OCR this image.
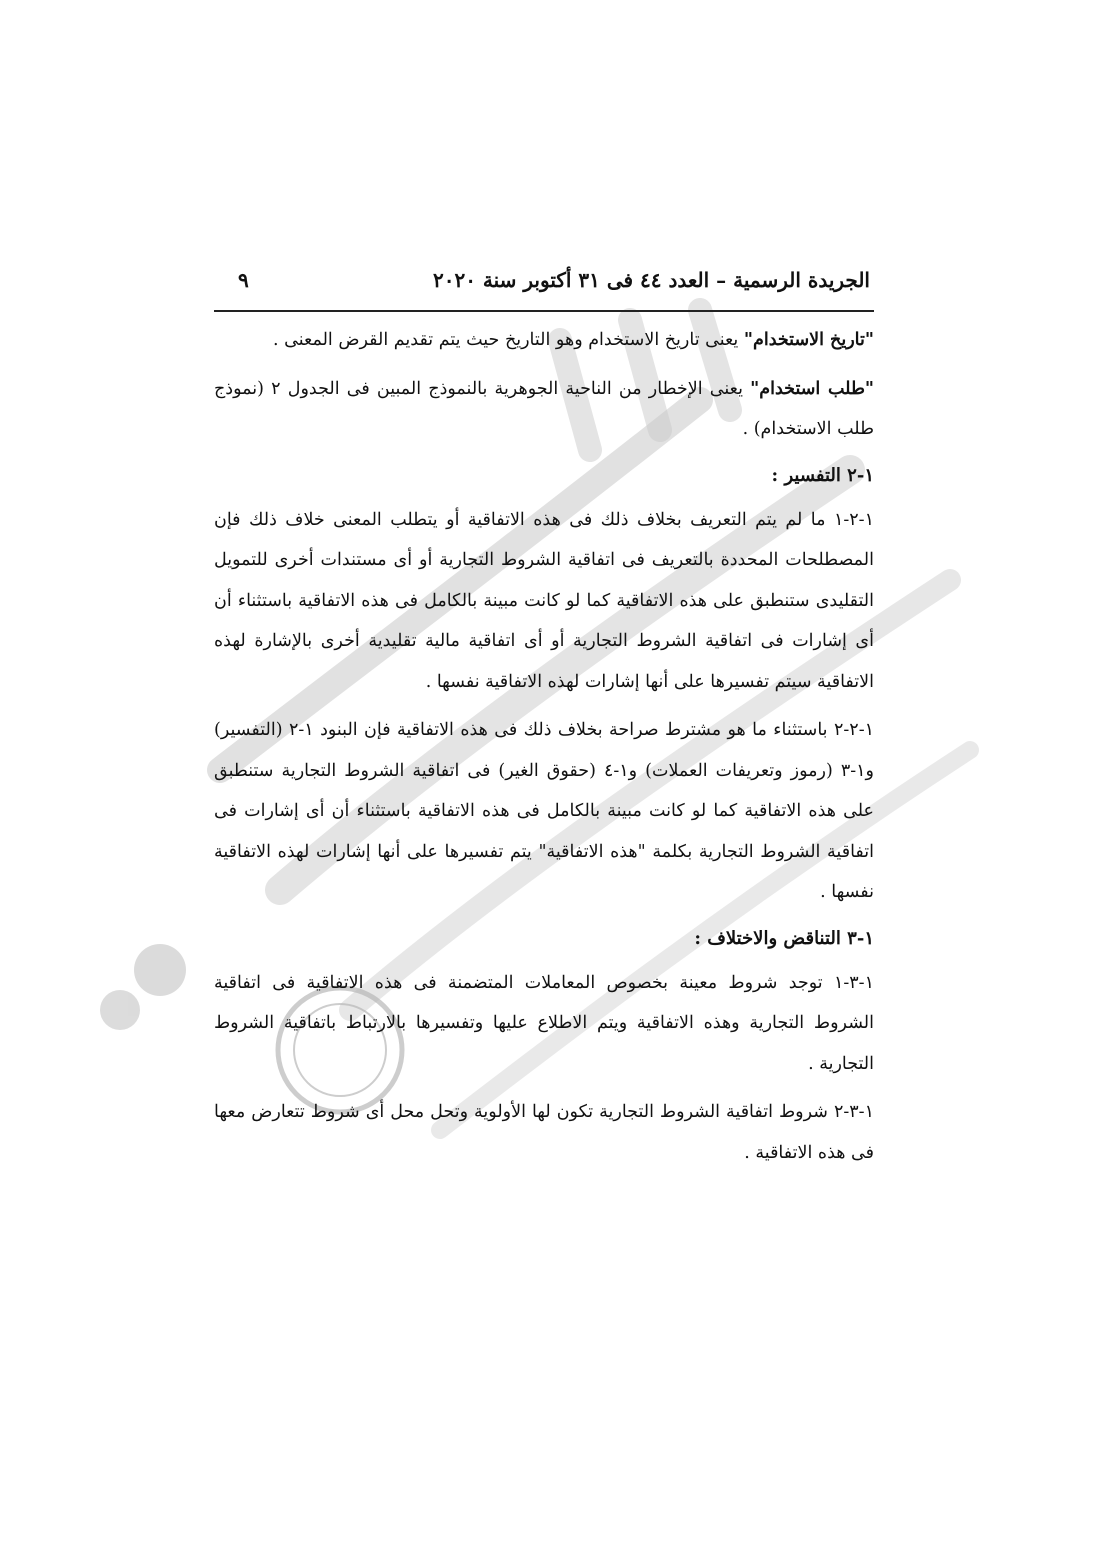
الجريدة الرسمية – العدد ٤٤ فى ٣١ أكتوبر سنة ٢٠٢٠
٩

"تاريخ الاستخدام" يعنى تاريخ الاستخدام وهو التاريخ حيث يتم تقديم القرض المعنى .

"طلب استخدام" يعنى الإخطار من الناحية الجوهرية بالنموذج المبين فى الجدول ٢ (نموذج طلب الاستخدام) .

١-٢ التفسير :

١-٢-١ ما لم يتم التعريف بخلاف ذلك فى هذه الاتفاقية أو يتطلب المعنى خلاف ذلك فإن المصطلحات المحددة بالتعريف فى اتفاقية الشروط التجارية أو أى مستندات أخرى للتمويل التقليدى ستنطبق على هذه الاتفاقية كما لو كانت مبينة بالكامل فى هذه الاتفاقية باستثناء أن أى إشارات فى اتفاقية الشروط التجارية أو أى اتفاقية مالية تقليدية أخرى بالإشارة لهذه الاتفاقية سيتم تفسيرها على أنها إشارات لهذه الاتفاقية نفسها .

١-٢-٢ باستثناء ما هو مشترط صراحة بخلاف ذلك فى هذه الاتفاقية فإن البنود ١-٢ (التفسير) و١-٣ (رموز وتعريفات العملات) و١-٤ (حقوق الغير) فى اتفاقية الشروط التجارية ستنطبق على هذه الاتفاقية كما لو كانت مبينة بالكامل فى هذه الاتفاقية باستثناء أن أى إشارات فى اتفاقية الشروط التجارية بكلمة "هذه الاتفاقية" يتم تفسيرها على أنها إشارات لهذه الاتفاقية نفسها .

١-٣ التناقض والاختلاف :

١-٣-١ توجد شروط معينة بخصوص المعاملات المتضمنة فى هذه الاتفاقية فى اتفاقية الشروط التجارية وهذه الاتفاقية ويتم الاطلاع عليها وتفسيرها بالارتباط باتفاقية الشروط التجارية .

١-٣-٢ شروط اتفاقية الشروط التجارية تكون لها الأولوية وتحل محل أى شروط تتعارض معها فى هذه الاتفاقية .
